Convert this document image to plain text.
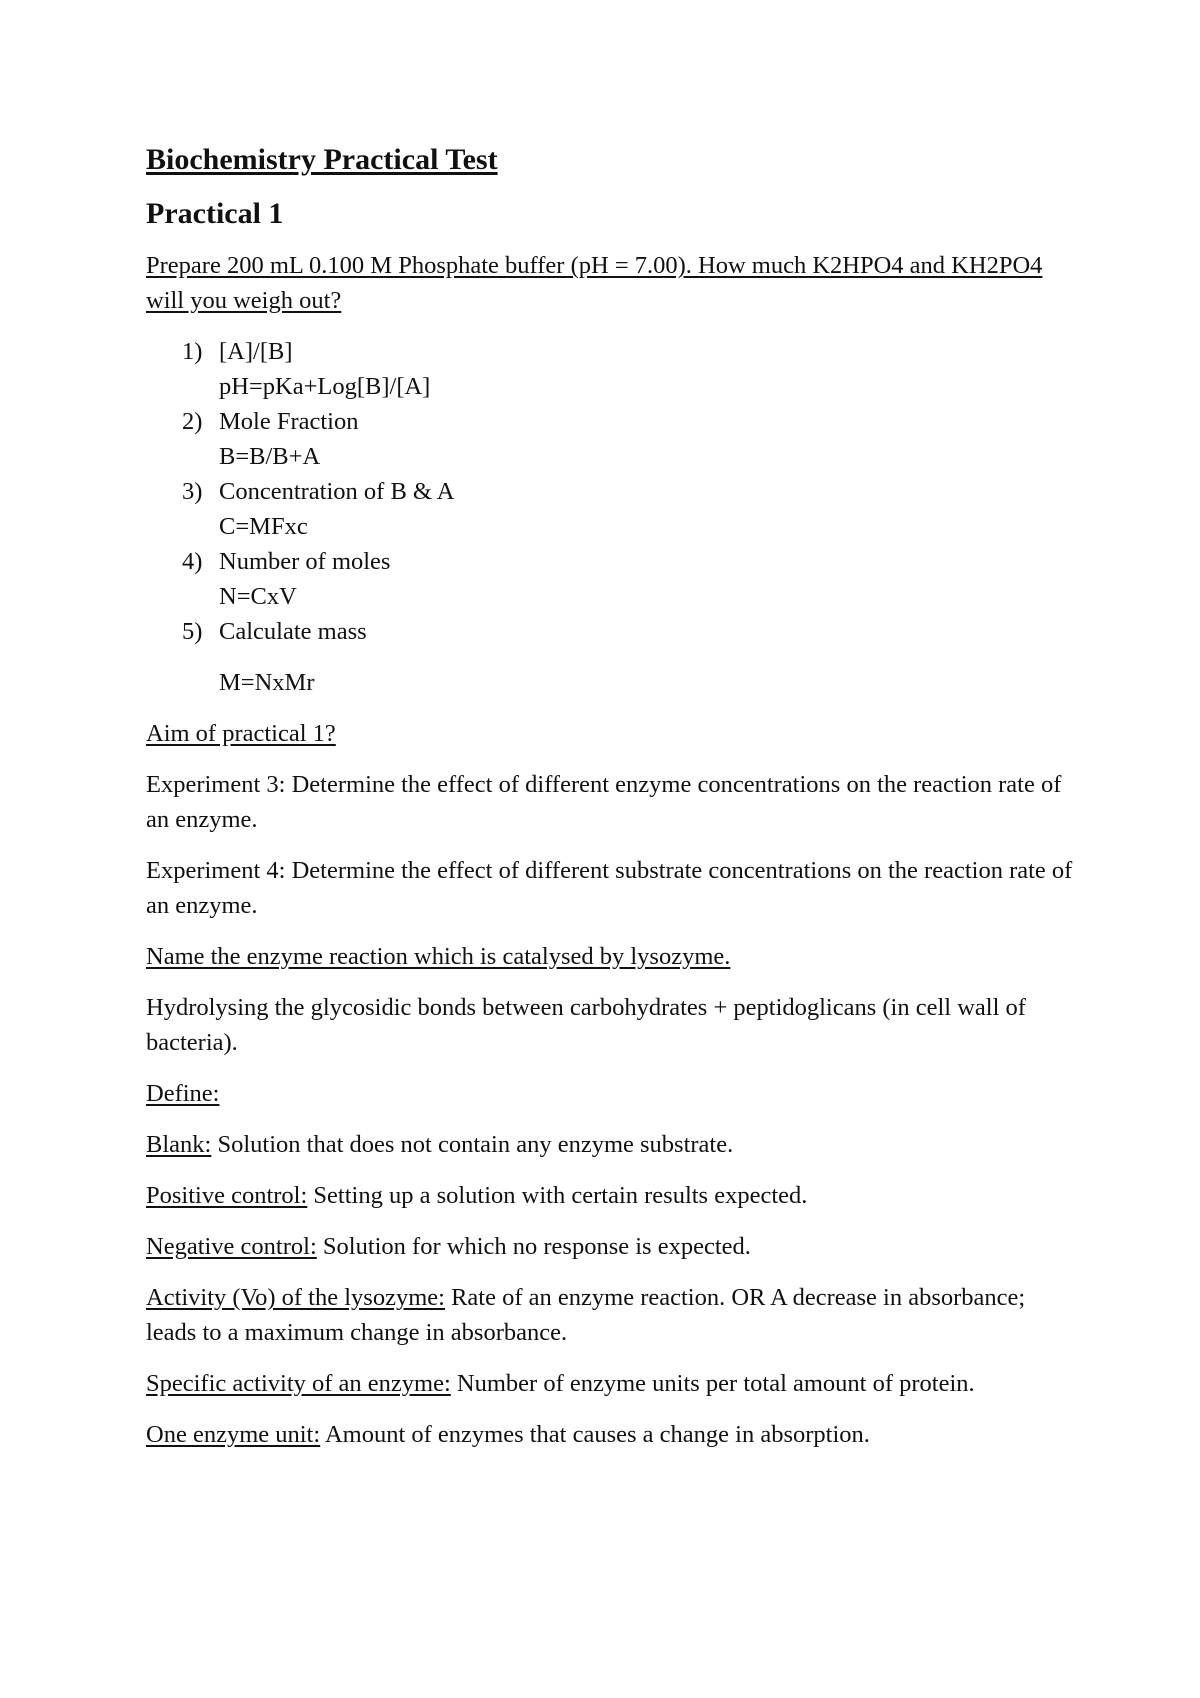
Biochemistry Practical Test
Practical 1

Prepare 200 mL 0.100 M Phosphate buffer (pH = 7.00). How much K2HPO4 and KH2PO4 will you weigh out?

1) [A]/[B]
pH=pKa+Log[B]/[A]
2) Mole Fraction
B=B/B+A
3) Concentration of B & A
C=MFxc
4) Number of moles
N=CxV
5) Calculate mass
M=NxMr

Aim of practical 1?

Experiment 3: Determine the effect of different enzyme concentrations on the reaction rate of an enzyme.

Experiment 4: Determine the effect of different substrate concentrations on the reaction rate of an enzyme.

Name the enzyme reaction which is catalysed by lysozyme.

Hydrolysing the glycosidic bonds between carbohydrates + peptidoglicans (in cell wall of bacteria).

Define:

Blank: Solution that does not contain any enzyme substrate.

Positive control: Setting up a solution with certain results expected.

Negative control: Solution for which no response is expected.

Activity (Vo) of the lysozyme: Rate of an enzyme reaction. OR A decrease in absorbance; leads to a maximum change in absorbance.

Specific activity of an enzyme: Number of enzyme units per total amount of protein.

One enzyme unit: Amount of enzymes that causes a change in absorption.
